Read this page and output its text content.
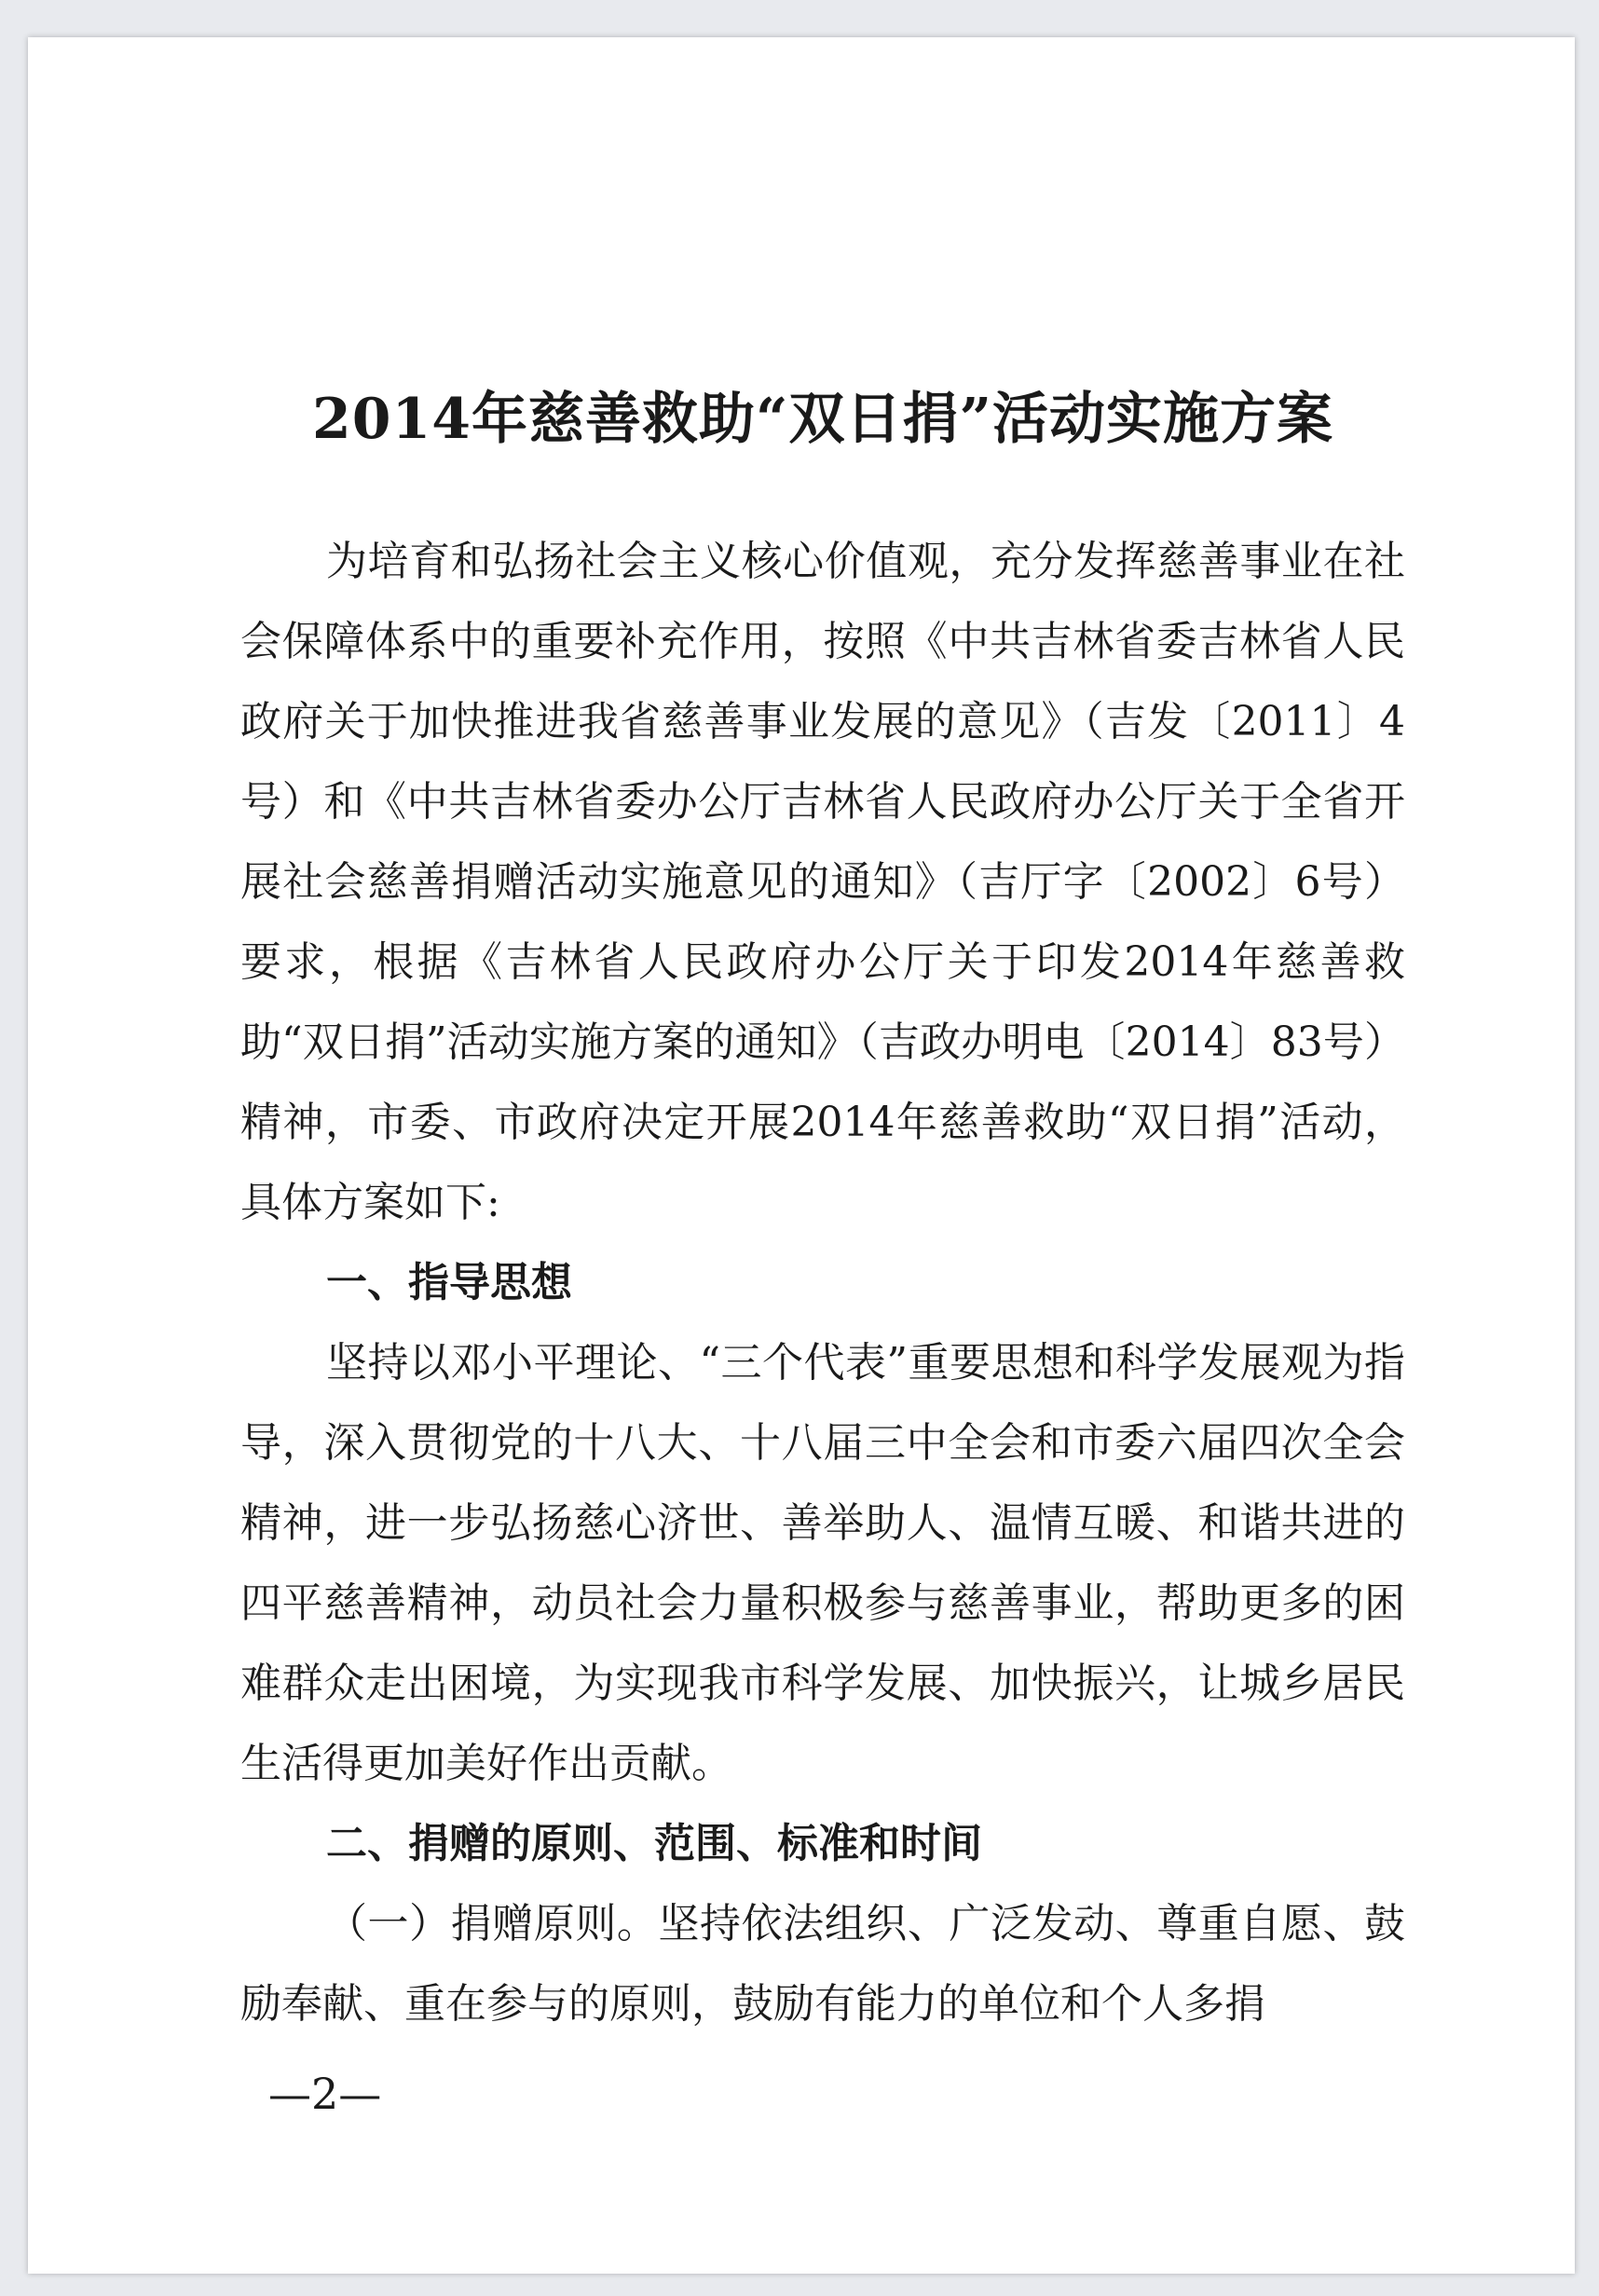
2014年慈善救助“双日捐”活动实施方案

为培育和弘扬社会主义核心价值观，充分发挥慈善事业在社会保障体系中的重要补充作用，按照《中共吉林省委吉林省人民政府关于加快推进我省慈善事业发展的意见》（吉发〔2011〕4号）和《中共吉林省委办公厅吉林省人民政府办公厅关于全省开展社会慈善捐赠活动实施意见的通知》（吉厅字〔2002〕6号）要求，根据《吉林省人民政府办公厅关于印发2014年慈善救助“双日捐”活动实施方案的通知》（吉政办明电〔2014〕83号）精神，市委、市政府决定开展2014年慈善救助“双日捐”活动，具体方案如下:

一、指导思想

坚持以邓小平理论、“三个代表”重要思想和科学发展观为指导，深入贯彻党的十八大、十八届三中全会和市委六届四次全会精神，进一步弘扬慈心济世、善举助人、温情互暖、和谐共进的四平慈善精神，动员社会力量积极参与慈善事业，帮助更多的困难群众走出困境，为实现我市科学发展、加快振兴，让城乡居民生活得更加美好作出贡献。

二、捐赠的原则、范围、标准和时间

（一）捐赠原则。坚持依法组织、广泛发动、尊重自愿、鼓励奉献、重在参与的原则，鼓励有能力的单位和个人多捐

—2—
